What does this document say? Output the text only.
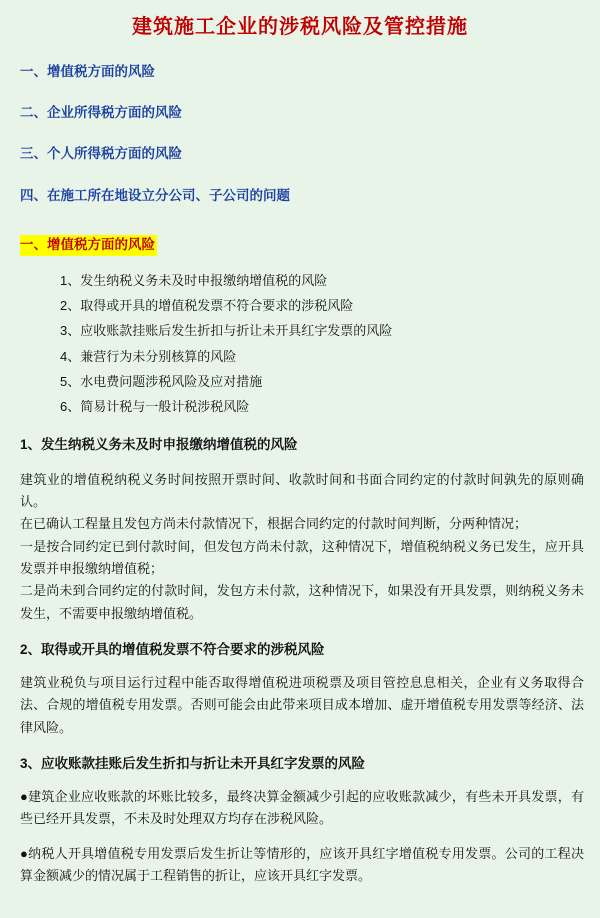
建筑施工企业的涉税风险及管控措施
一、增值税方面的风险
二、企业所得税方面的风险
三、个人所得税方面的风险
四、在施工所在地设立分公司、子公司的问题
一、增值税方面的风险
1、发生纳税义务未及时申报缴纳增值税的风险
2、取得或开具的增值税发票不符合要求的涉税风险
3、应收账款挂账后发生折扣与折让未开具红字发票的风险
4、兼营行为未分别核算的风险
5、水电费问题涉税风险及应对措施
6、简易计税与一般计税涉税风险
1、发生纳税义务未及时申报缴纳增值税的风险
建筑业的增值税纳税义务时间按照开票时间、收款时间和书面合同约定的付款时间孰先的原则确认。
在已确认工程量且发包方尚未付款情况下，根据合同约定的付款时间判断，分两种情况；
一是按合同约定已到付款时间，但发包方尚未付款，这种情况下，增值税纳税义务已发生，应开具发票并申报缴纳增值税；
二是尚未到合同约定的付款时间，发包方未付款，这种情况下，如果没有开具发票，则纳税义务未发生，不需要申报缴纳增值税。
2、取得或开具的增值税发票不符合要求的涉税风险
建筑业税负与项目运行过程中能否取得增值税进项税票及项目管控息息相关，企业有义务取得合法、合规的增值税专用发票。否则可能会由此带来项目成本增加、虚开增值税专用发票等经济、法律风险。
3、应收账款挂账后发生折扣与折让未开具红字发票的风险
●建筑企业应收账款的坏账比较多，最终决算金额减少引起的应收账款减少，有些未开具发票，有些已经开具发票，不未及时处理双方均存在涉税风险。
●纳税人开具增值税专用发票后发生折让等情形的，应该开具红字增值税专用发票。公司的工程决算金额减少的情况属于工程销售的折让，应该开具红字发票。
